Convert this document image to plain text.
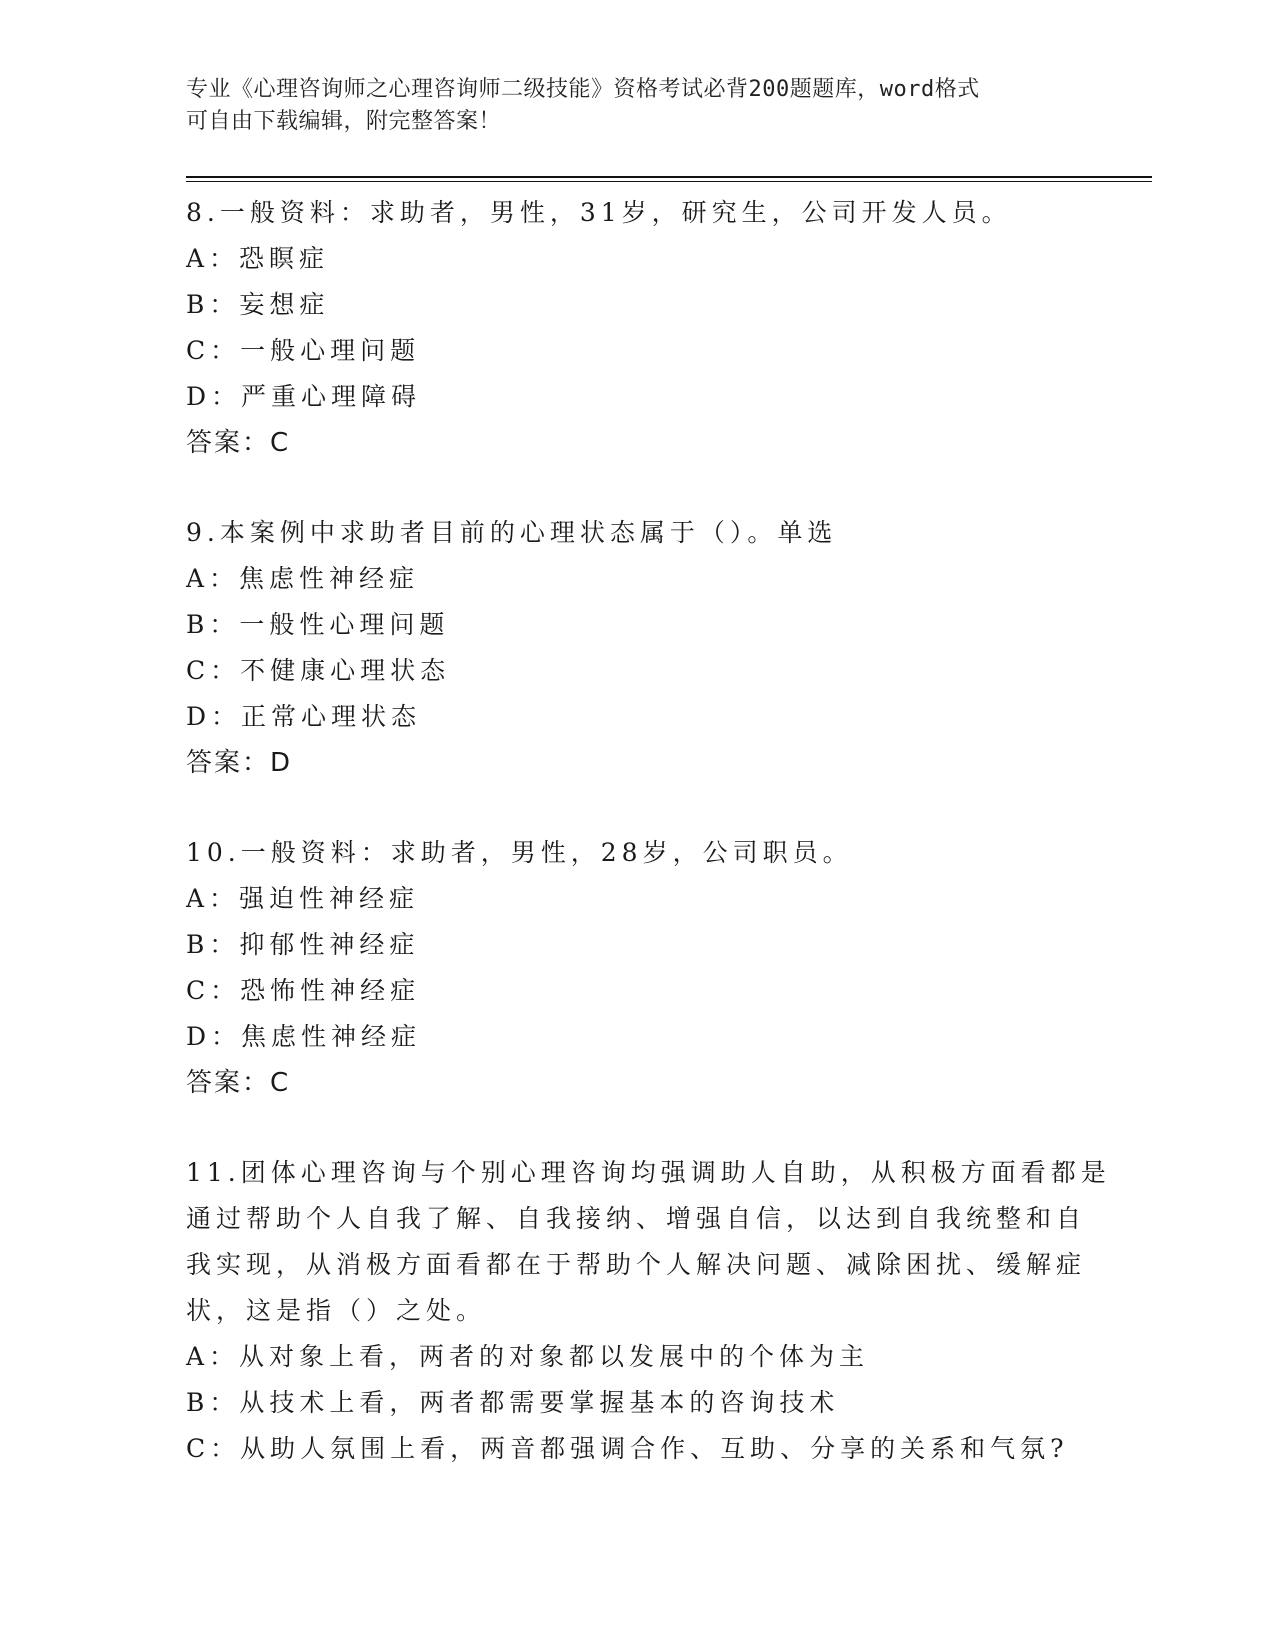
专业《心理咨询师之心理咨询师二级技能》资格考试必背200题题库，word格式
可自由下载编辑，附完整答案！
8.一般资料：求助者，男性，31岁，研究生，公司开发人员。
A：恐瞑症
B：妄想症
C：一般心理问题
D：严重心理障碍
答案：C
9.本案例中求助者目前的心理状态属于（）。单选
A：焦虑性神经症
B：一般性心理问题
C：不健康心理状态
D：正常心理状态
答案：D
10.一般资料：求助者，男性，28岁，公司职员。
A：强迫性神经症
B：抑郁性神经症
C：恐怖性神经症
D：焦虑性神经症
答案：C
11.团体心理咨询与个别心理咨询均强调助人自助，从积极方面看都是
通过帮助个人自我了解、自我接纳、增强自信，以达到自我统整和自
我实现，从消极方面看都在于帮助个人解决问题、减除困扰、缓解症
状，这是指（）之处。
A：从对象上看，两者的对象都以发展中的个体为主
B：从技术上看，两者都需要掌握基本的咨询技术
C：从助人氛围上看，两音都强调合作、互助、分享的关系和气氛?
